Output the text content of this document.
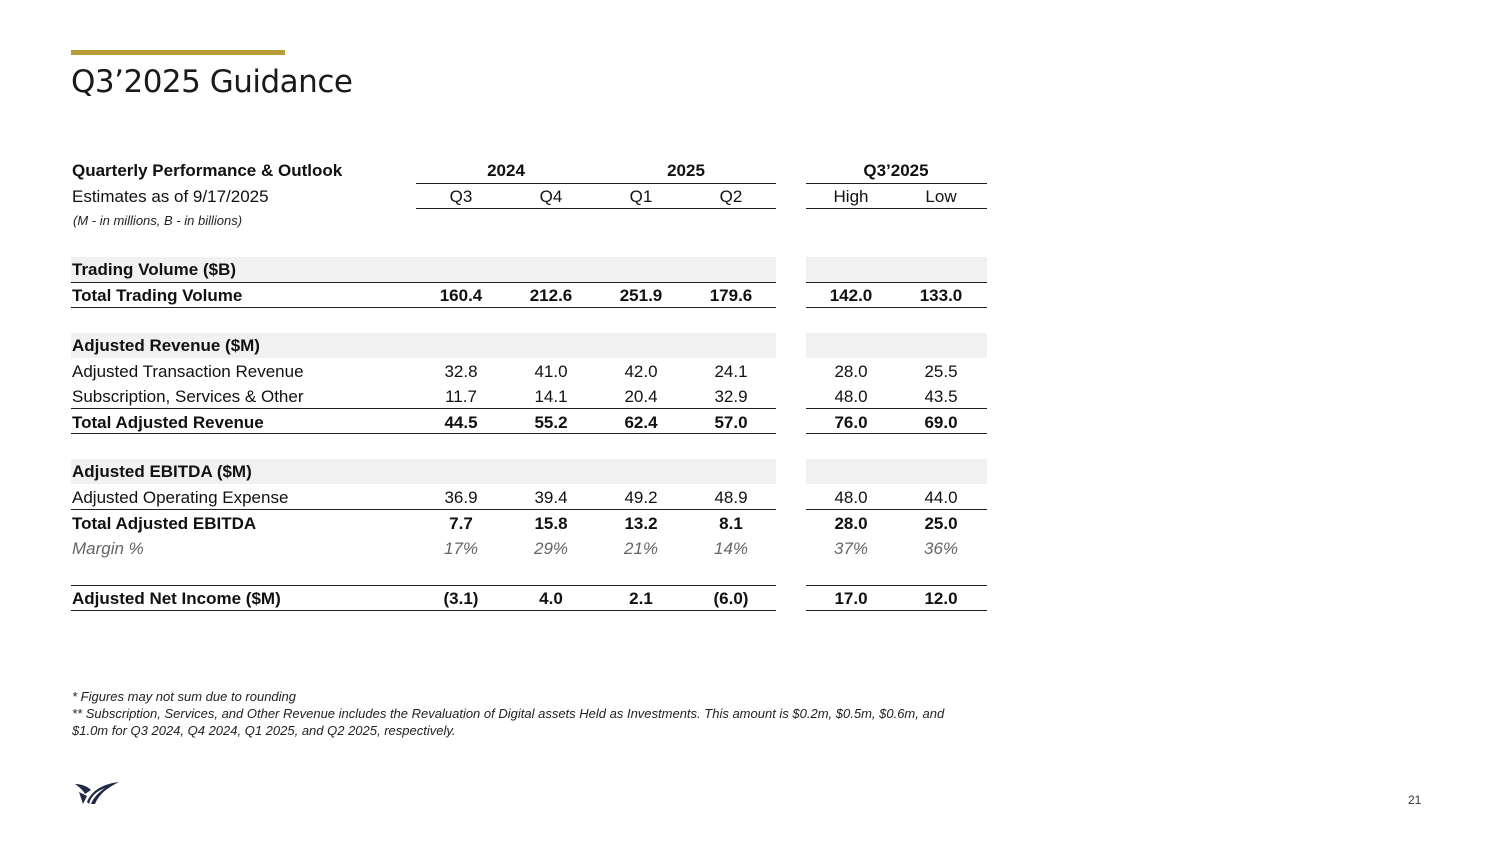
Q3’2025 Guidance
Quarterly Performance & Outlook	2024	2025	Q3’2025
Estimates as of 9/17/2025	Q3	Q4	Q1	Q2	High	Low
(M - in millions, B - in billions)
Trading Volume ($B)
Total Trading Volume	160.4	212.6	251.9	179.6	142.0	133.0
Adjusted Revenue ($M)
Adjusted Transaction Revenue	32.8	41.0	42.0	24.1	28.0	25.5
Subscription, Services & Other	11.7	14.1	20.4	32.9	48.0	43.5
Total Adjusted Revenue	44.5	55.2	62.4	57.0	76.0	69.0
Adjusted EBITDA ($M)
Adjusted Operating Expense	36.9	39.4	49.2	48.9	48.0	44.0
Total Adjusted EBITDA	7.7	15.8	13.2	8.1	28.0	25.0
Margin %	17%	29%	21%	14%	37%	36%
Adjusted Net Income ($M)	(3.1)	4.0	2.1	(6.0)	17.0	12.0
* Figures may not sum due to rounding
** Subscription, Services, and Other Revenue includes the Revaluation of Digital assets Held as Investments. This amount is $0.2m, $0.5m, $0.6m, and $1.0m for Q3 2024, Q4 2024, Q1 2025, and Q2 2025, respectively.
21
